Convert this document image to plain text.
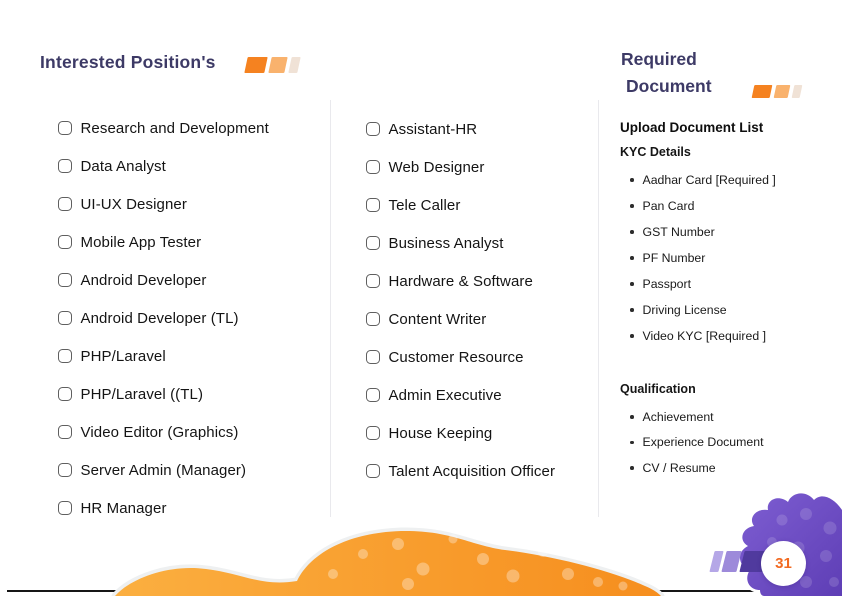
Interested Position's	Required
Document
Research and Development
Data Analyst
UI-UX Designer
Mobile App Tester
Android Developer
Android Developer (TL)
PHP/Laravel
PHP/Laravel ((TL)
Video Editor (Graphics)
Server Admin (Manager)
HR Manager
Assistant-HR
Web Designer
Tele Caller
Business Analyst
Hardware & Software
Content Writer
Customer Resource
Admin Executive
House Keeping
Talent Acquisition Officer
Upload Document List
KYC Details
Aadhar Card [Required ]
Pan Card
GST Number
PF Number
Passport
Driving License
Video KYC [Required ]
Qualification
Achievement
Experience Document
CV / Resume
31
